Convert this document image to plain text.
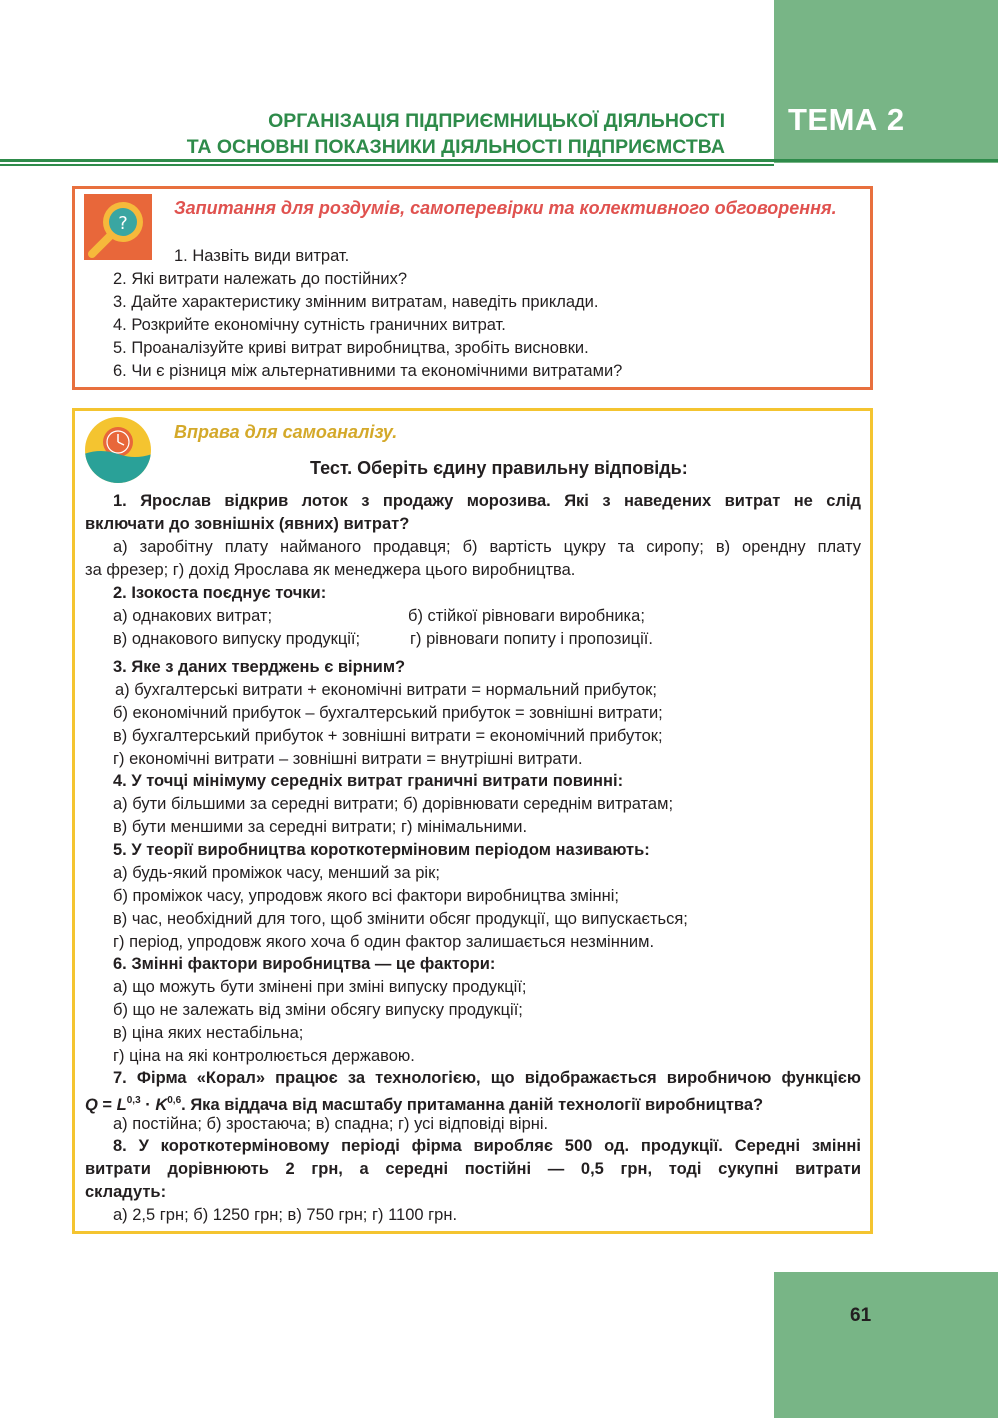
ТЕМА 2
61
ОРГАНІЗАЦІЯ ПІДПРИЄМНИЦЬКОЇ ДІЯЛЬНОСТІ
ТА ОСНОВНІ ПОКАЗНИКИ ДІЯЛЬНОСТІ ПІДПРИЄМСТВА
?
Запитання для роздумів, самоперевірки та колективного обговорення.
1. Назвіть види витрат.
2. Які витрати належать до постійних?
3. Дайте характеристику змінним витратам, наведіть приклади.
4. Розкрийте економічну сутність граничних витрат.
5. Проаналізуйте криві витрат виробництва, зробіть висновки.
6. Чи є різниця між альтернативними та економічними витратами?
Вправа для самоаналізу.
Тест. Оберіть єдину правильну відповідь:
1. Ярослав відкрив лоток з продажу морозива. Які з наведених витрат не слід
включати до зовнішніх (явних) витрат?
а) заробітну плату найманого продавця; б) вартість цукру та сиропу; в) орендну плату
за фрезер; г) дохід Ярослава як менеджера цього виробництва.
2. Ізокоста поєднує точки:
а) однакових витрат;	б) стійкої рівноваги виробника;
в) однакового випуску продукції;	г) рівноваги попиту і пропозиції.
3. Яке з даних тверджень є вірним?
а) бухгалтерські витрати + економічні витрати = нормальний прибуток;
б) економічний прибуток – бухгалтерський прибуток = зовнішні витрати;
в) бухгалтерський прибуток + зовнішні витрати = економічний прибуток;
г) економічні витрати – зовнішні витрати = внутрішні витрати.
4. У точці мінімуму середніх витрат граничні витрати повинні:
а) бути більшими за середні витрати; б) дорівнювати середнім витратам;
в) бути меншими за середні витрати; г) мінімальними.
5. У теорії виробництва короткотерміновим періодом називають:
а) будь-який проміжок часу, менший за рік;
б) проміжок часу, упродовж якого всі фактори виробництва змінні;
в) час, необхідний для того, щоб змінити обсяг продукції, що випускається;
г) період, упродовж якого хоча б один фактор залишається незмінним.
6. Змінні фактори виробництва — це фактори:
а) що можуть бути змінені при зміні випуску продукції;
б) що не залежать від зміни обсягу випуску продукції;
в) ціна яких нестабільна;
г) ціна на які контролюється державою.
7. Фірма «Корал» працює за технологією, що відображається виробничою функцією
Q = L$^{0,3}$ · K$^{0,6}$. Яка віддача від масштабу притаманна даній технології виробництва?
а) постійна; б) зростаюча; в) спадна; г) усі відповіді вірні.
8. У короткотерміновому періоді фірма виробляє 500 од. продукції. Середні змінні
витрати дорівнюють 2 грн, а середні постійні — 0,5 грн, тоді сукупні витрати
складуть:
а) 2,5 грн; б) 1250 грн; в) 750 грн; г) 1100 грн.
